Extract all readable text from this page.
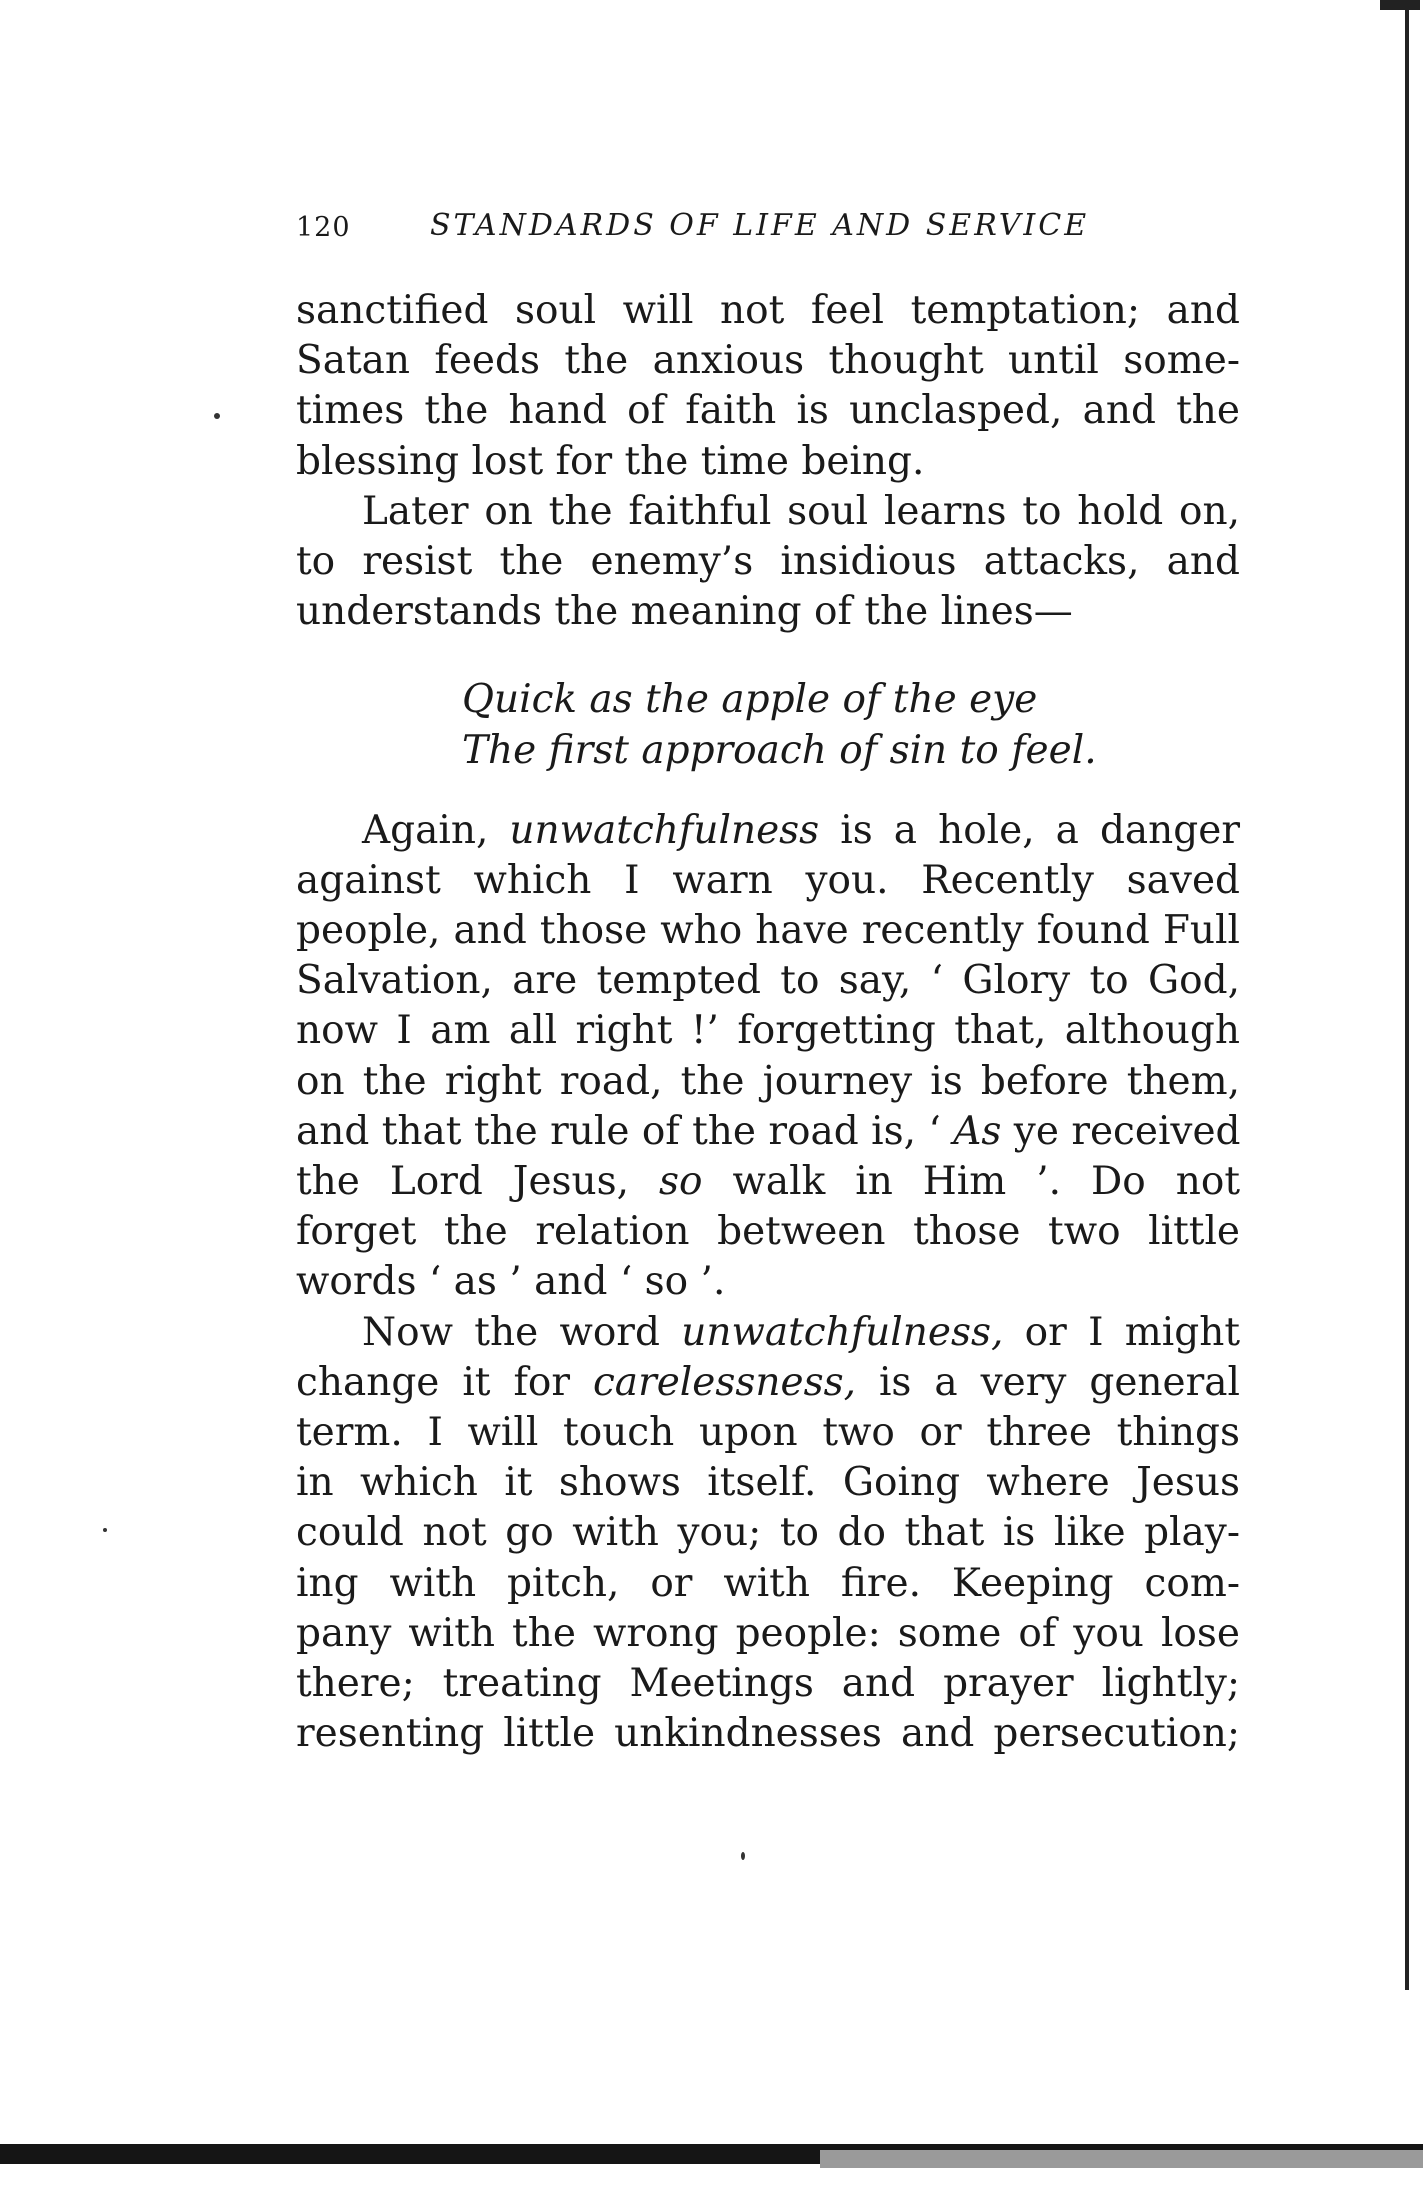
120	STANDARDS OF LIFE AND SERVICE
sanctified soul will not feel temptation; and
Satan feeds the anxious thought until some-
times the hand of faith is unclasped, and the
blessing lost for the time being.
Later on the faithful soul learns to hold on,
to resist the enemy’s insidious attacks, and
understands the meaning of the lines—
Quick as the apple of the eye
The first approach of sin to feel.
Again, unwatchfulness is a hole, a danger
against which I warn you. Recently saved
people, and those who have recently found Full
Salvation, are tempted to say, ‘ Glory to God,
now I am all right !’ forgetting that, although
on the right road, the journey is before them,
and that the rule of the road is, ‘ As ye received
the Lord Jesus, so walk in Him ’. Do not
forget the relation between those two little
words ‘ as ’ and ‘ so ’.
Now the word unwatchfulness, or I might
change it for carelessness, is a very general
term. I will touch upon two or three things
in which it shows itself. Going where Jesus
could not go with you; to do that is like play-
ing with pitch, or with fire. Keeping com-
pany with the wrong people: some of you lose
there; treating Meetings and prayer lightly;
resenting little unkindnesses and persecution;
